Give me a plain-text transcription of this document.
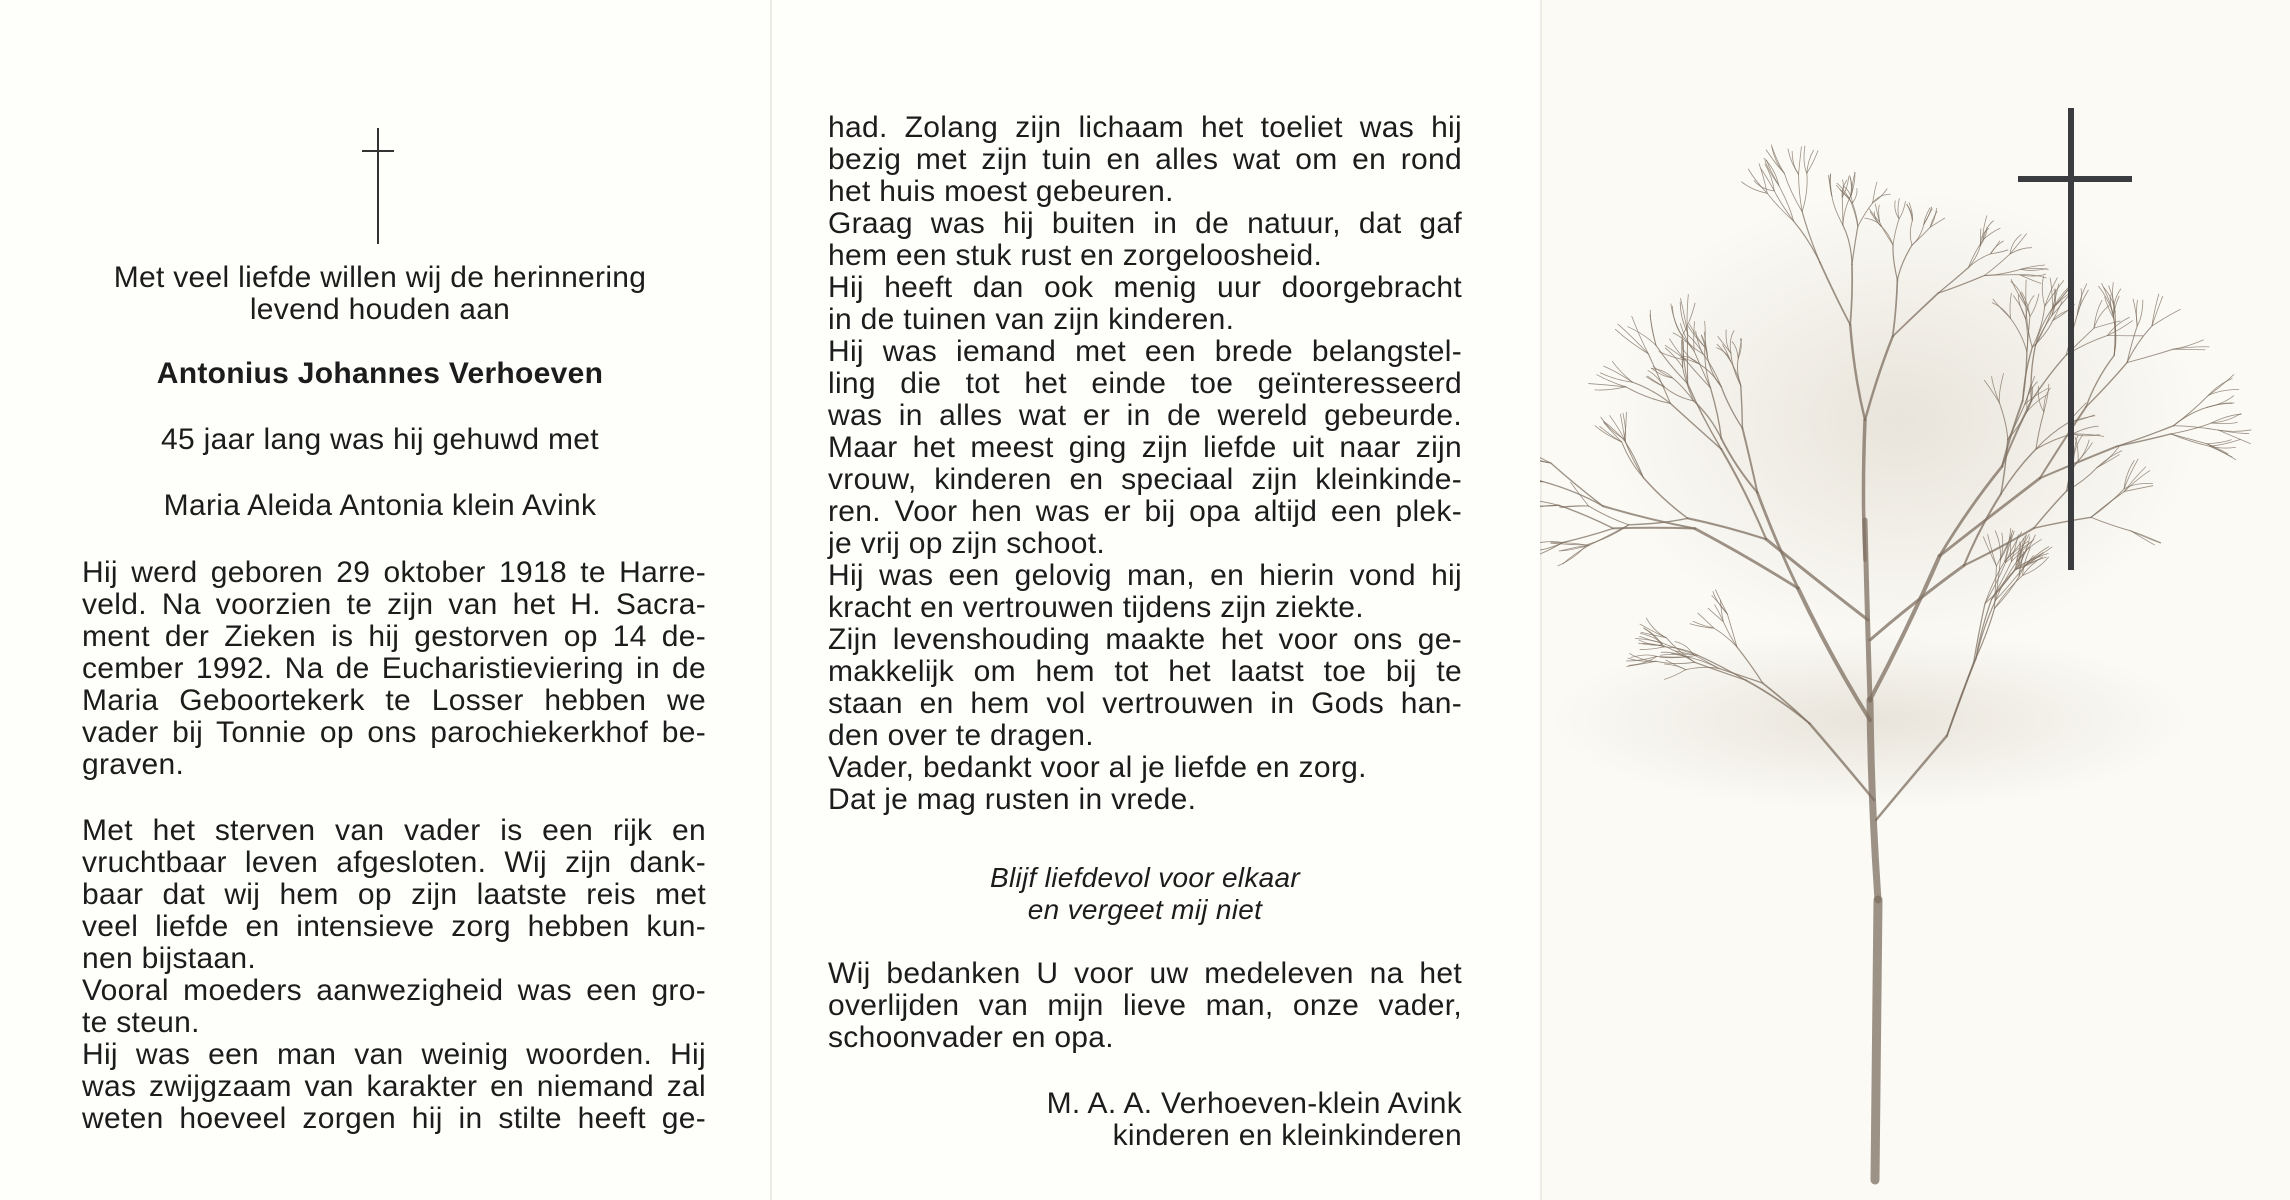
Met veel liefde willen wij de herinnering
levend houden aan
Antonius Johannes Verhoeven
45 jaar lang was hij gehuwd met
Maria Aleida Antonia klein Avink
Hij werd geboren 29 oktober 1918 te Harre-
veld. Na voorzien te zijn van het H. Sacra-
ment der Zieken is hij gestorven op 14 de-
cember 1992. Na de Eucharistieviering in de
Maria Geboortekerk te Losser hebben we
vader bij Tonnie op ons parochiekerkhof be-
graven.
Met het sterven van vader is een rijk en
vruchtbaar leven afgesloten. Wij zijn dank-
baar dat wij hem op zijn laatste reis met
veel liefde en intensieve zorg hebben kun-
nen bijstaan.
Vooral moeders aanwezigheid was een gro-
te steun.
Hij was een man van weinig woorden. Hij
was zwijgzaam van karakter en niemand zal
weten hoeveel zorgen hij in stilte heeft ge-
had. Zolang zijn lichaam het toeliet was hij
bezig met zijn tuin en alles wat om en rond
het huis moest gebeuren.
Graag was hij buiten in de natuur, dat gaf
hem een stuk rust en zorgeloosheid.
Hij heeft dan ook menig uur doorgebracht
in de tuinen van zijn kinderen.
Hij was iemand met een brede belangstel-
ling die tot het einde toe geïnteresseerd
was in alles wat er in de wereld gebeurde.
Maar het meest ging zijn liefde uit naar zijn
vrouw, kinderen en speciaal zijn kleinkinde-
ren. Voor hen was er bij opa altijd een plek-
je vrij op zijn schoot.
Hij was een gelovig man, en hierin vond hij
kracht en vertrouwen tijdens zijn ziekte.
Zijn levenshouding maakte het voor ons ge-
makkelijk om hem tot het laatst toe bij te
staan en hem vol vertrouwen in Gods han-
den over te dragen.
Vader, bedankt voor al je liefde en zorg.
Dat je mag rusten in vrede.
Blijf liefdevol voor elkaar
en vergeet mij niet
Wij bedanken U voor uw medeleven na het
overlijden van mijn lieve man, onze vader,
schoonvader en opa.
M. A. A. Verhoeven-klein Avink
kinderen en kleinkinderen
